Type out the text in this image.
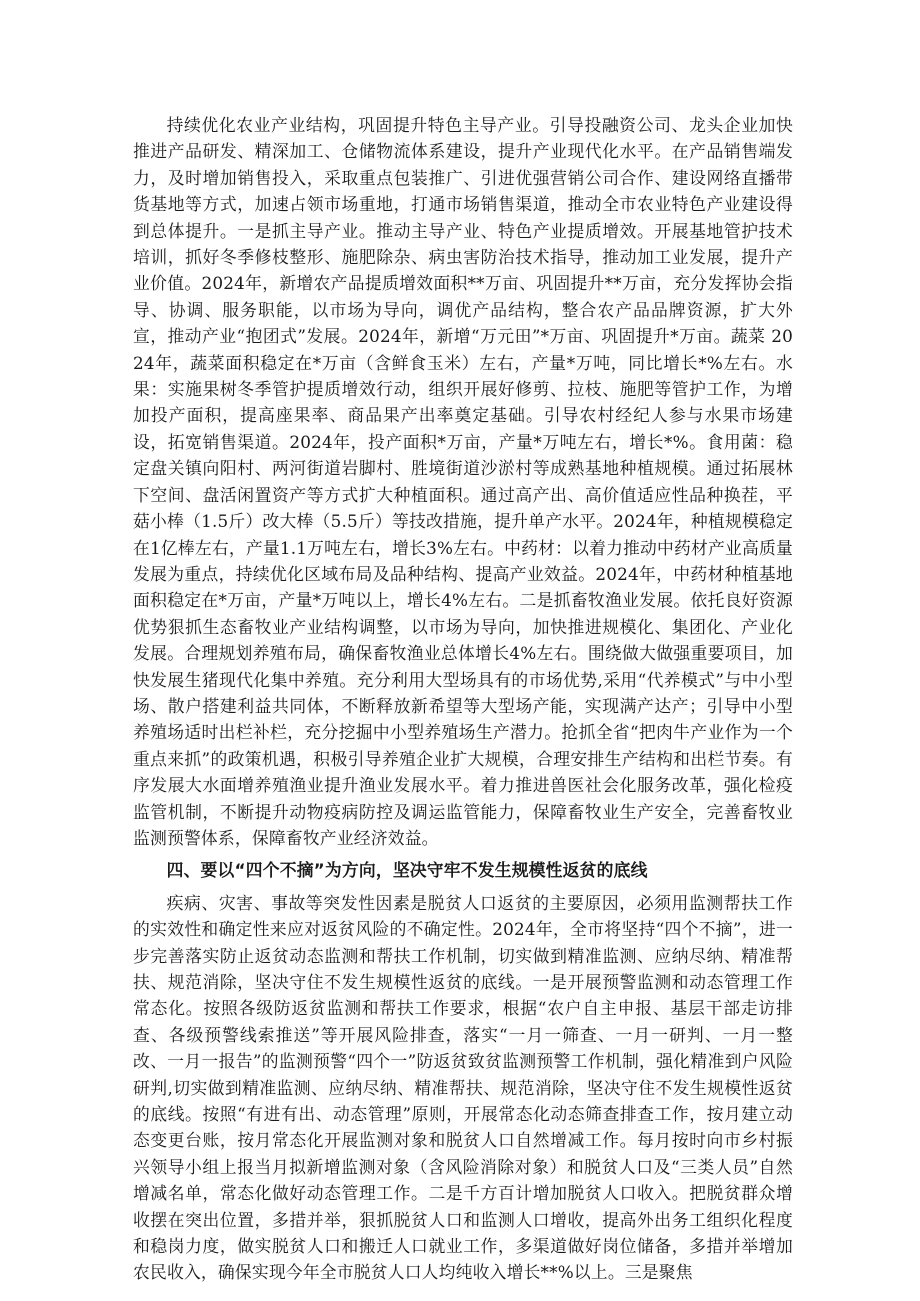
持续优化农业产业结构，巩固提升特色主导产业。引导投融资公司、龙头企业加快推进产品研发、精深加工、仓储物流体系建设，提升产业现代化水平。在产品销售端发力，及时增加销售投入，采取重点包装推广、引进优强营销公司合作、建设网络直播带货基地等方式，加速占领市场重地，打通市场销售渠道，推动全市农业特色产业建设得到总体提升。一是抓主导产业。推动主导产业、特色产业提质增效。开展基地管护技术培训，抓好冬季修枝整形、施肥除杂、病虫害防治技术指导，推动加工业发展，提升产业价值。2024年，新增农产品提质增效面积**万亩、巩固提升**万亩，充分发挥协会指导、协调、服务职能，以市场为导向，调优产品结构，整合农产品品牌资源，扩大外宣，推动产业“抱团式”发展。2024年，新增“万元田”*万亩、巩固提升*万亩。蔬菜 2024年，蔬菜面积稳定在*万亩（含鲜食玉米）左右，产量*万吨，同比增长*%左右。水果：实施果树冬季管护提质增效行动，组织开展好修剪、拉枝、施肥等管护工作，为增加投产面积，提高座果率、商品果产出率奠定基础。引导农村经纪人参与水果市场建设，拓宽销售渠道。2024年，投产面积*万亩，产量*万吨左右，增长*%。食用菌：稳定盘关镇向阳村、两河街道岩脚村、胜境街道沙淤村等成熟基地种植规模。通过拓展林下空间、盘活闲置资产等方式扩大种植面积。通过高产出、高价值适应性品种换茬，平菇小棒（1.5斤）改大棒（5.5斤）等技改措施，提升单产水平。2024年，种植规模稳定在1亿棒左右，产量1.1万吨左右，增长3%左右。中药材：以着力推动中药材产业高质量发展为重点，持续优化区域布局及品种结构、提高产业效益。2024年，中药材种植基地面积稳定在*万亩，产量*万吨以上，增长4%左右。二是抓畜牧渔业发展。依托良好资源优势狠抓生态畜牧业产业结构调整，以市场为导向，加快推进规模化、集团化、产业化发展。合理规划养殖布局，确保畜牧渔业总体增长4%左右。围绕做大做强重要项目，加快发展生猪现代化集中养殖。充分利用大型场具有的市场优势,采用“代养模式”与中小型场、散户搭建利益共同体，不断释放新希望等大型场产能，实现满产达产；引导中小型养殖场适时出栏补栏，充分挖掘中小型养殖场生产潜力。抢抓全省“把肉牛产业作为一个重点来抓”的政策机遇，积极引导养殖企业扩大规模，合理安排生产结构和出栏节奏。有序发展大水面增养殖渔业提升渔业发展水平。着力推进兽医社会化服务改革，强化检疫监管机制，不断提升动物疫病防控及调运监管能力，保障畜牧业生产安全，完善畜牧业监测预警体系，保障畜牧产业经济效益。

四、要以“四个不摘”为方向，坚决守牢不发生规模性返贫的底线

疾病、灾害、事故等突发性因素是脱贫人口返贫的主要原因，必须用监测帮扶工作的实效性和确定性来应对返贫风险的不确定性。2024年，全市将坚持“四个不摘”，进一步完善落实防止返贫动态监测和帮扶工作机制，切实做到精准监测、应纳尽纳、精准帮扶、规范消除，坚决守住不发生规模性返贫的底线。一是开展预警监测和动态管理工作常态化。按照各级防返贫监测和帮扶工作要求，根据“农户自主申报、基层干部走访排查、各级预警线索推送”等开展风险排查，落实“一月一筛查、一月一研判、一月一整改、一月一报告”的监测预警“四个一”防返贫致贫监测预警工作机制，强化精准到户风险研判,切实做到精准监测、应纳尽纳、精准帮扶、规范消除，坚决守住不发生规模性返贫的底线。按照“有进有出、动态管理”原则，开展常态化动态筛查排查工作，按月建立动态变更台账，按月常态化开展监测对象和脱贫人口自然增减工作。每月按时向市乡村振兴领导小组上报当月拟新增监测对象（含风险消除对象）和脱贫人口及“三类人员”自然增减名单，常态化做好动态管理工作。二是千方百计增加脱贫人口收入。把脱贫群众增收摆在突出位置，多措并举，狠抓脱贫人口和监测人口增收，提高外出务工组织化程度和稳岗力度，做实脱贫人口和搬迁人口就业工作，多渠道做好岗位储备，多措并举增加农民收入，确保实现今年全市脱贫人口人均纯收入增长**%以上。三是聚焦
